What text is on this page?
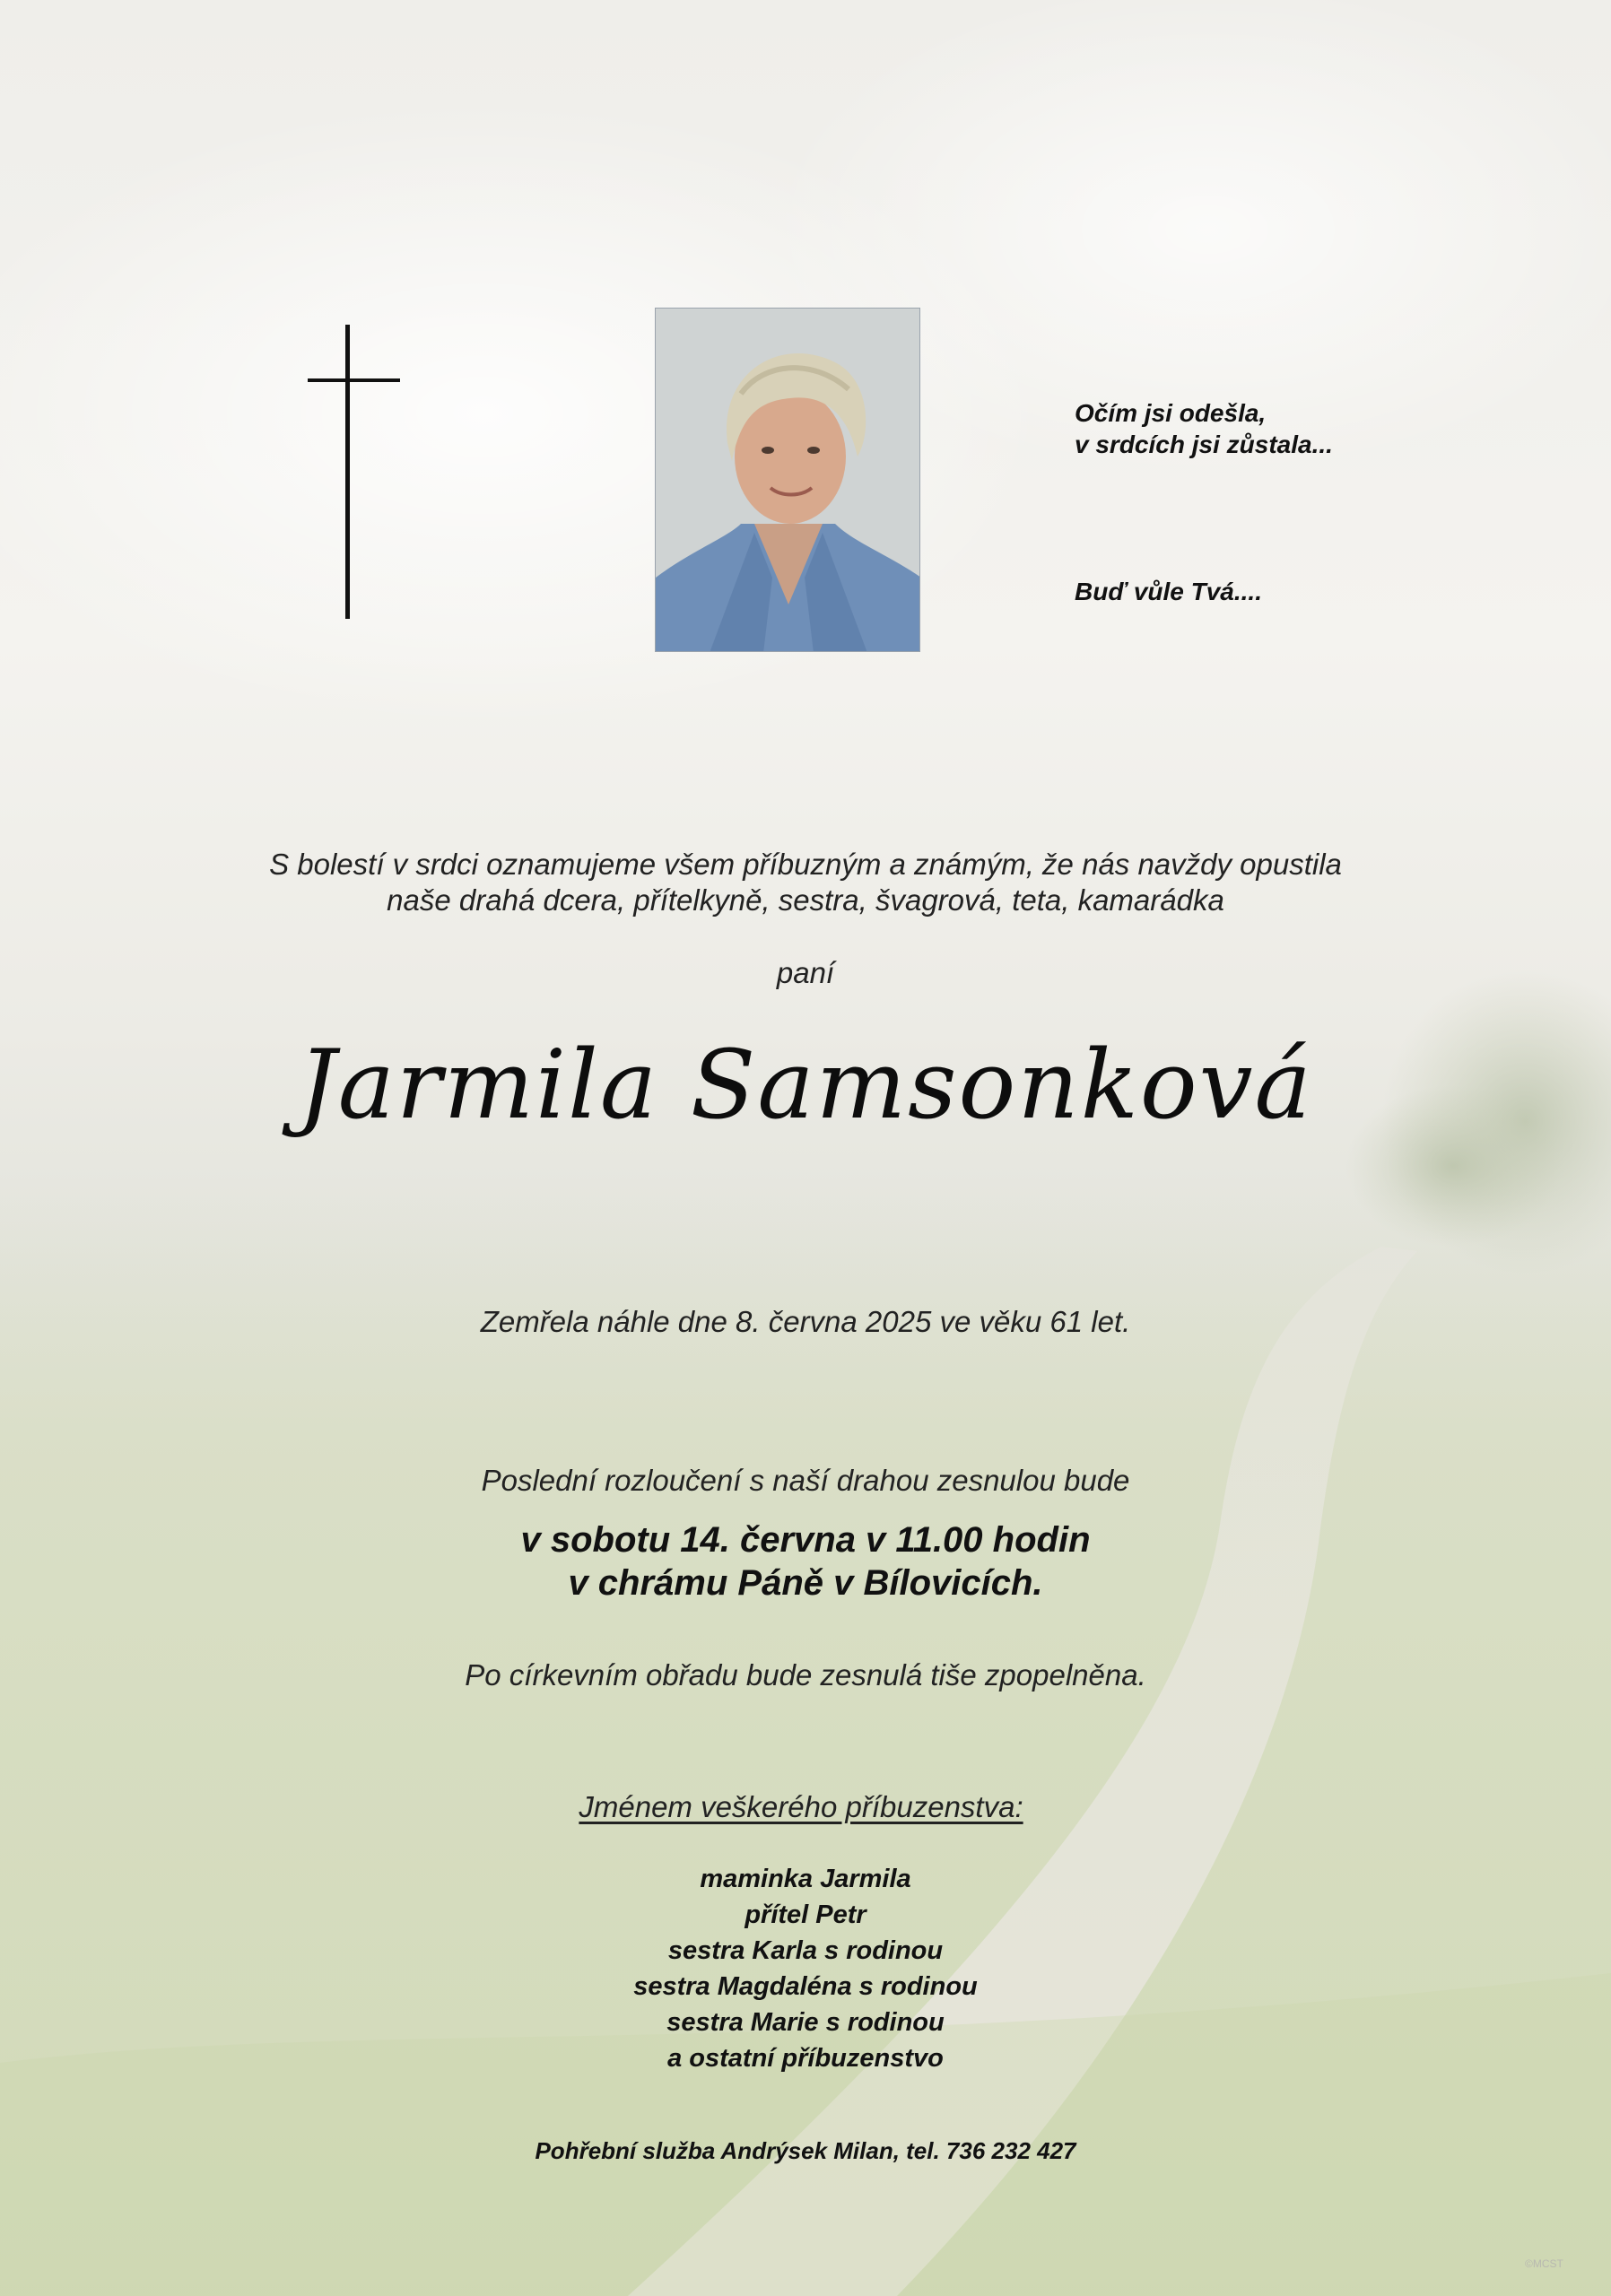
Očím jsi odešla,
v srdcích jsi zůstala...
Buď vůle Tvá....
S bolestí v srdci oznamujeme všem příbuzným a známým, že nás navždy opustila
naše drahá dcera, přítelkyně, sestra, švagrová, teta, kamarádka
paní
Jarmila Samsonková
Zemřela náhle dne 8. června 2025 ve věku 61 let.
Poslední rozloučení s naší drahou zesnulou bude
v sobotu 14. června v 11.00 hodin
v chrámu Páně v Bílovicích.
Po církevním obřadu bude zesnulá tiše zpopelněna.
Jménem veškerého příbuzenstva:
maminka Jarmila
přítel Petr
sestra Karla s rodinou
sestra Magdaléna s rodinou
sestra Marie s rodinou
a ostatní příbuzenstvo
Pohřební služba Andrýsek Milan, tel. 736 232 427
©MCST
